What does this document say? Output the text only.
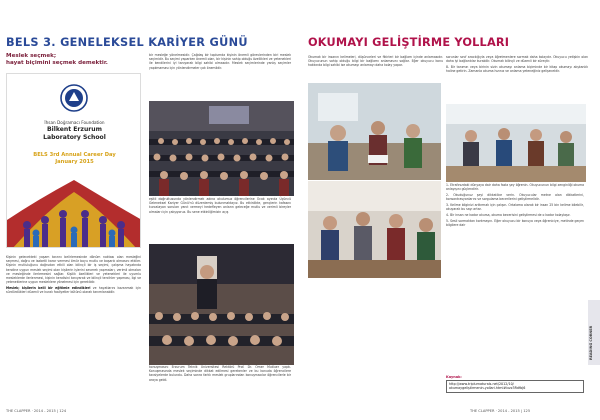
BELS 3. GENELEKSEL KARİYER GÜNÜ
Meslek seçmek;
hayat biçimini seçmek demektir.
İhsan Doğramacı Foundation
Bilkent Erzurum
Laboratory School
BELS 3rd Annual Career Day
January 2015

bir mesleğe yönelmesidir. Çağdaş bir toplumda kişinin önemli görevlerinden biri meslek seçimidir. Bu seçimi yaparken önemli olan, bir kişinin sahip olduğu özellikleri ve yetenekleri ile kendilerini iyi tanıyarak bilgi sahibi olmasıdır. Meslek seçimlerinde yanlış seçimler yapılmaması için yönlendirmeler çok önemlidir.

eşitli doğrultusunda yönlendirmek adına okulumuz öğrencilerine Ocak ayında Üçüncü Geleneksel Kariyer Günü'nü düzenlemiş bulunmaktayız. Bu etkinlikte, gençlerin kafasını kurcalayan soruları yanıt vermeyi hedefleyen onların geleceğe mutlu ve verimli bireyler olmaları için çalışıyoruz. Bu sene etkinliğimizin açış

Kişinin gelecekteki yaşam tarzını belirlemesinde dönüm noktası olan mesleğini seçmesi, doğru ve isabetli karar vermesi ömür boyu mutlu ve başarılı olmasını etkiler. Kişinin mutluluğunu doğrudan etkili olan bilinçli bir iş seçimi, çalışma hayatında kendine uygun meslek seçimi olan kişilerin işlerini severek yapmaları, verimli olmaları ve mesleğinde ilerlemesini sağlar. Kişilik özellikleri ve yetenekleri ile uyumlu mesleklerde ilerlenmesi, kişinin kendisini tanıyarak ve bilinçli tercihler yapması, ilgi ve yeteneklerine uygun mesleklere yönelmesi için gereklidir.

Meslek; kişilerin belli bir eğitimle edindikleri ve hayatlarını kazanmak için sürdürdükleri düzenli ve kuralı faaliyetler bütünü olarak tanımlanabilir.

konuşmasını Erzurum Teknik Üniversitesi Rektörü Prof. Dr. Ömer Mutluer yaptı. Konuşmasında meslek seçiminde dikkat edilmesi gerekenler ve bu konuda öğrencilere tavsiyelerde bulundu. Daha sonra farklı meslek gruplarından konuşmacılar öğrencilerle bir araya geldi.

THE CLAPPER · 2014 - 2015 | 124
OKUMAYI GELİŞTİRME YOLLARI

Okumak bir insanın kelimeleri, düşünceleri ve fikirleri bir bağlam içinde anlamasıdır. Okuyucunun sahip olduğu bilgi bir bağlamı anlamasını sağlar. Eğer okuyucu konu hakkında bilgi sahibi ise okumayı anlamayı daha kolay yapar.

sorunlar sınıf aracılığıyla veya öğretmenlere sormak daha kolaydır. Okuyucu yetişkin olan daha iyi bağlantılar kurabilir. Okumak bilinçli ve düzenli bir süreçtir.

8- Bir tanımın veya birinin sizin okumayı anlama biçiminde bir kitap okumayı alışkanlık haline getirin. Zamanla okuma hızınız ve anlama yeteneğiniz gelişecektir.

1- Etrafınızdaki dünyaya dair daha fazla şey öğrenin. Okuyucunun bilgi zenginliği okuma anlayışını güçlendirir.

2- Okuduğunuz şeyi dikkatlice verin. Okuyucular metne olan dikkatlerini, konsantrasyonlarını ve sorgulama becerilerini geliştirmelidir.

3- Kelime bilginizi arttırmak için çalışın. Ortalama olarak bir insan 25 bin kelime bilebilir, okuyarak bu sayı artar.

4- Bir insan ne kadar okursa, okuma becerisini geliştirmesi de o kadar kolaylaşır.

5- Sesli sormaktan korkmayın. Eğer okuyucu bir konuya veya öğreniciye, metinde geçen bilgilere dair

READING CORNER
Kaynak:
http://www.triplurnaturals.net/2012/10/
okumaygeliştirmenin-yollari.html#ixzz3RdfbJ6
THE CLAPPER · 2014 - 2015 | 125
